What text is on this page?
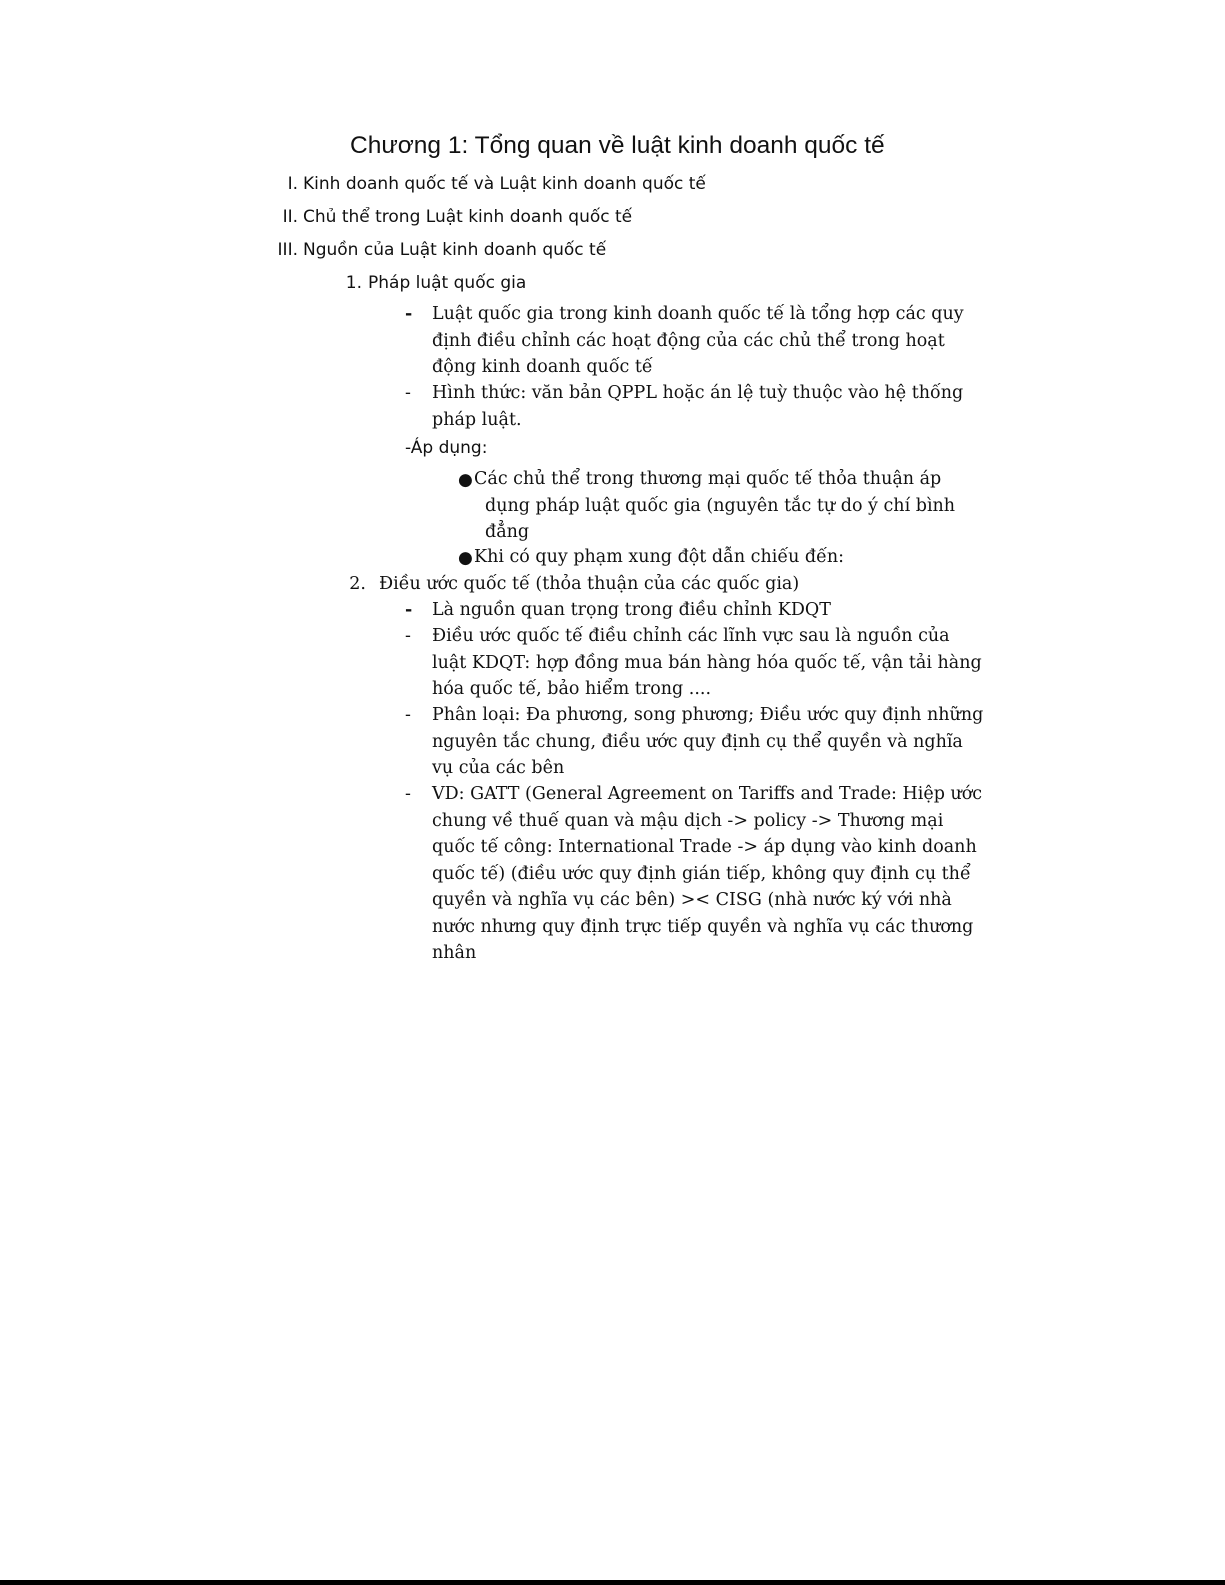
Chương 1: Tổng quan về luật kinh doanh quốc tế
I. Kinh doanh quốc tế và Luật kinh doanh quốc tế
II. Chủ thể trong Luật kinh doanh quốc tế
III. Nguồn của Luật kinh doanh quốc tế
1. Pháp luật quốc gia
- Luật quốc gia trong kinh doanh quốc tế là tổng hợp các quy
định điều chỉnh các hoạt động của các chủ thể trong hoạt
động kinh doanh quốc tế
- Hình thức: văn bản QPPL hoặc án lệ tuỳ thuộc vào hệ thống
pháp luật.
-Áp dụng:
● Các chủ thể trong thương mại quốc tế thỏa thuận áp
dụng pháp luật quốc gia (nguyên tắc tự do ý chí bình
đẳng
● Khi có quy phạm xung đột dẫn chiếu đến:
2. Điều ước quốc tế (thỏa thuận của các quốc gia)
- Là nguồn quan trọng trong điều chỉnh KDQT
- Điều ước quốc tế điều chỉnh các lĩnh vực sau là nguồn của
luật KDQT: hợp đồng mua bán hàng hóa quốc tế, vận tải hàng
hóa quốc tế, bảo hiểm trong ....
- Phân loại: Đa phương, song phương; Điều ước quy định những
nguyên tắc chung, điều ước quy định cụ thể quyền và nghĩa
vụ của các bên
- VD: GATT (General Agreement on Tariffs and Trade: Hiệp ước
chung về thuế quan và mậu dịch -> policy -> Thương mại
quốc tế công: International Trade -> áp dụng vào kinh doanh
quốc tế) (điều ước quy định gián tiếp, không quy định cụ thể
quyền và nghĩa vụ các bên) >< CISG (nhà nước ký với nhà
nước nhưng quy định trực tiếp quyền và nghĩa vụ các thương
nhân
